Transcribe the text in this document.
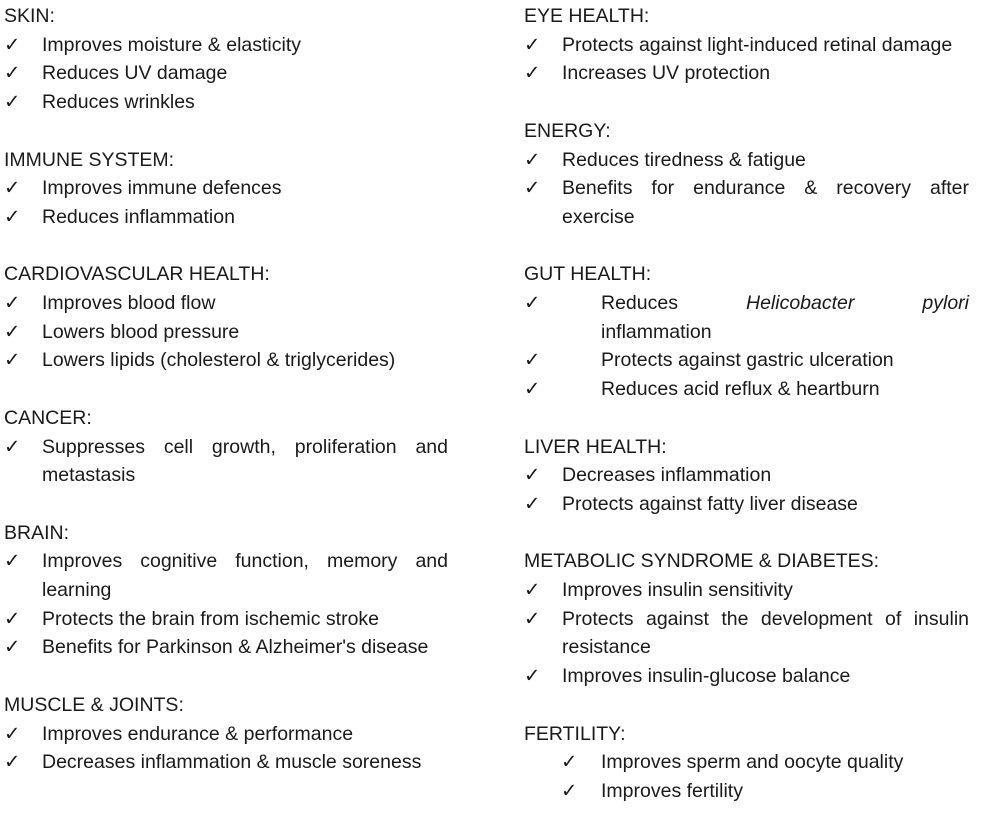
SKIN:
✓	Improves moisture & elasticity
✓	Reduces UV damage
✓	Reduces wrinkles
IMMUNE SYSTEM:
✓	Improves immune defences
✓	Reduces inflammation
CARDIOVASCULAR HEALTH:
✓	Improves blood flow
✓	Lowers blood pressure
✓	Lowers lipids (cholesterol & triglycerides)
CANCER:
✓	Suppresses cell growth, proliferation and metastasis
BRAIN:
✓	Improves cognitive function, memory and learning
✓	Protects the brain from ischemic stroke
✓	Benefits for Parkinson & Alzheimer's disease
MUSCLE & JOINTS:
✓	Improves endurance & performance
✓	Decreases inflammation & muscle soreness
EYE HEALTH:
✓	Protects against light-induced retinal damage
✓	Increases UV protection
ENERGY:
✓	Reduces tiredness & fatigue
✓	Benefits for endurance & recovery after exercise
GUT HEALTH:
✓	Reduces	Helicobacter	pylori
inflammation
✓	Protects against gastric ulceration
✓	Reduces acid reflux & heartburn
LIVER HEALTH:
✓	Decreases inflammation
✓	Protects against fatty liver disease
METABOLIC SYNDROME & DIABETES:
✓	Improves insulin sensitivity
✓	Protects against the development of insulin resistance
✓	Improves insulin-glucose balance
FERTILITY:
✓	Improves sperm and oocyte quality
✓	Improves fertility
